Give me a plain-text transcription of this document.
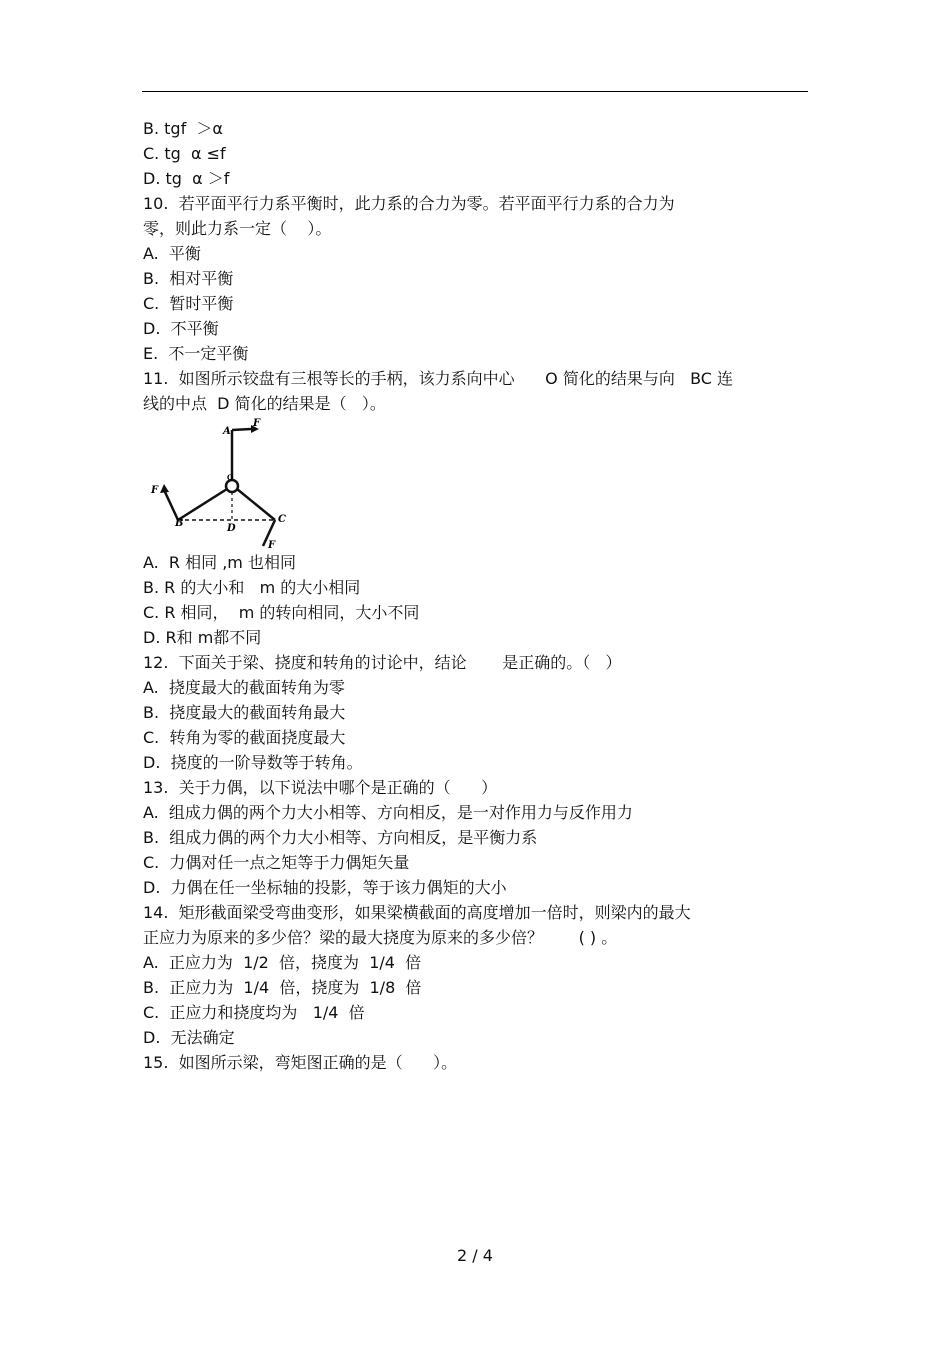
B. tgf  ＞α
C. tg  α ≤f
D. tg  α ＞f
10.  若平面平行力系平衡时，此力系的合力为零。若平面平行力系的合力为
零，则此力系一定（    ）。
A.  平衡
B.  相对平衡
C.  暂时平衡
D.  不平衡
E.  不一定平衡
11.  如图所示铰盘有三根等长的手柄，该力系向中心      O 简化的结果与向   BC 连
线的中点  D 简化的结果是（   ）。
A
F
O
F
B	D
C
F
A.  R 相同 ,m 也相同
B. R 的大小和   m 的大小相同
C. R 相同，  m 的转向相同，大小不同
D. R和 m都不同
12.  下面关于梁、挠度和转角的讨论中，结论       是正确的。（   ）
A.  挠度最大的截面转角为零
B.  挠度最大的截面转角最大
C.  转角为零的截面挠度最大
D.  挠度的一阶导数等于转角。
13.  关于力偶，以下说法中哪个是正确的（      ）
A.  组成力偶的两个力大小相等、方向相反，是一对作用力与反作用力
B.  组成力偶的两个力大小相等、方向相反，是平衡力系
C.  力偶对任一点之矩等于力偶矩矢量
D.  力偶在任一坐标轴的投影，等于该力偶矩的大小
14.  矩形截面梁受弯曲变形，如果梁横截面的高度增加一倍时，则梁内的最大
正应力为原来的多少倍？梁的最大挠度为原来的多少倍？       ( ) 。
A.  正应力为  1/2  倍，挠度为  1/4  倍
B.  正应力为  1/4  倍，挠度为  1/8  倍
C.  正应力和挠度均为   1/4  倍
D.  无法确定
15.  如图所示梁，弯矩图正确的是（      ）。
2 / 4
